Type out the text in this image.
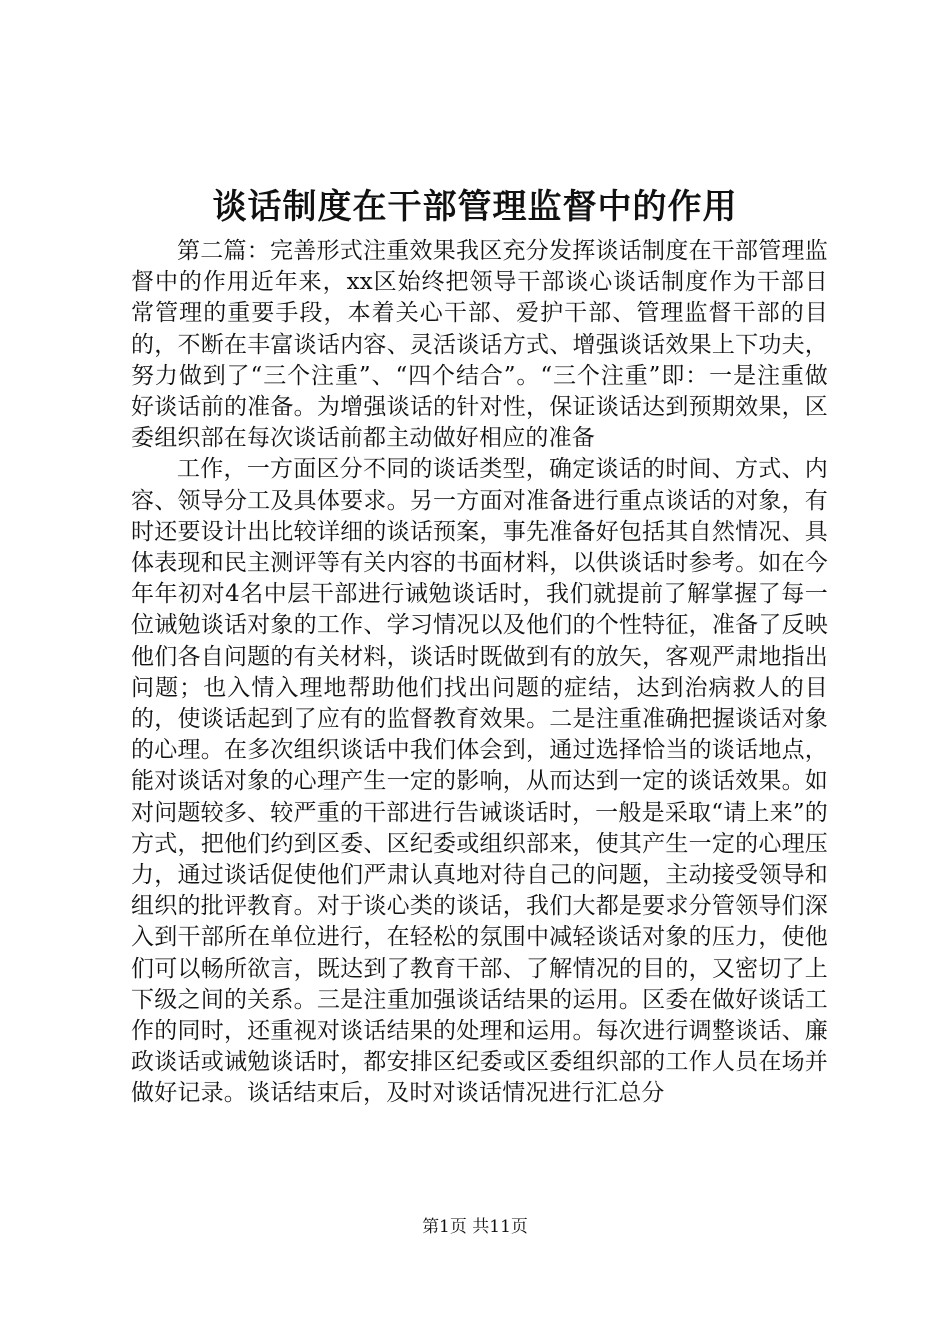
谈话制度在干部管理监督中的作用

第二篇：完善形式注重效果我区充分发挥谈话制度在干部管理监督中的作用近年来，xx区始终把领导干部谈心谈话制度作为干部日常管理的重要手段，本着关心干部、爱护干部、管理监督干部的目的，不断在丰富谈话内容、灵活谈话方式、增强谈话效果上下功夫，努力做到了“三个注重”、“四个结合”。“三个注重”即：一是注重做好谈话前的准备。为增强谈话的针对性，保证谈话达到预期效果，区委组织部在每次谈话前都主动做好相应的准备

工作，一方面区分不同的谈话类型，确定谈话的时间、方式、内容、领导分工及具体要求。另一方面对准备进行重点谈话的对象，有时还要设计出比较详细的谈话预案，事先准备好包括其自然情况、具体表现和民主测评等有关内容的书面材料，以供谈话时参考。如在今年年初对4名中层干部进行诫勉谈话时，我们就提前了解掌握了每一位诫勉谈话对象的工作、学习情况以及他们的个性特征，准备了反映他们各自问题的有关材料，谈话时既做到有的放矢，客观严肃地指出问题；也入情入理地帮助他们找出问题的症结，达到治病救人的目的，使谈话起到了应有的监督教育效果。二是注重准确把握谈话对象的心理。在多次组织谈话中我们体会到，通过选择恰当的谈话地点，能对谈话对象的心理产生一定的影响，从而达到一定的谈话效果。如对问题较多、较严重的干部进行告诫谈话时，一般是采取“请上来”的方式，把他们约到区委、区纪委或组织部来，使其产生一定的心理压力，通过谈话促使他们严肃认真地对待自己的问题，主动接受领导和组织的批评教育。对于谈心类的谈话，我们大都是要求分管领导们深入到干部所在单位进行，在轻松的氛围中减轻谈话对象的压力，使他们可以畅所欲言，既达到了教育干部、了解情况的目的，又密切了上下级之间的关系。三是注重加强谈话结果的运用。区委在做好谈话工作的同时，还重视对谈话结果的处理和运用。每次进行调整谈话、廉政谈话或诫勉谈话时，都安排区纪委或区委组织部的工作人员在场并做好记录。谈话结束后，及时对谈话情况进行汇总分

第1页 共11页
